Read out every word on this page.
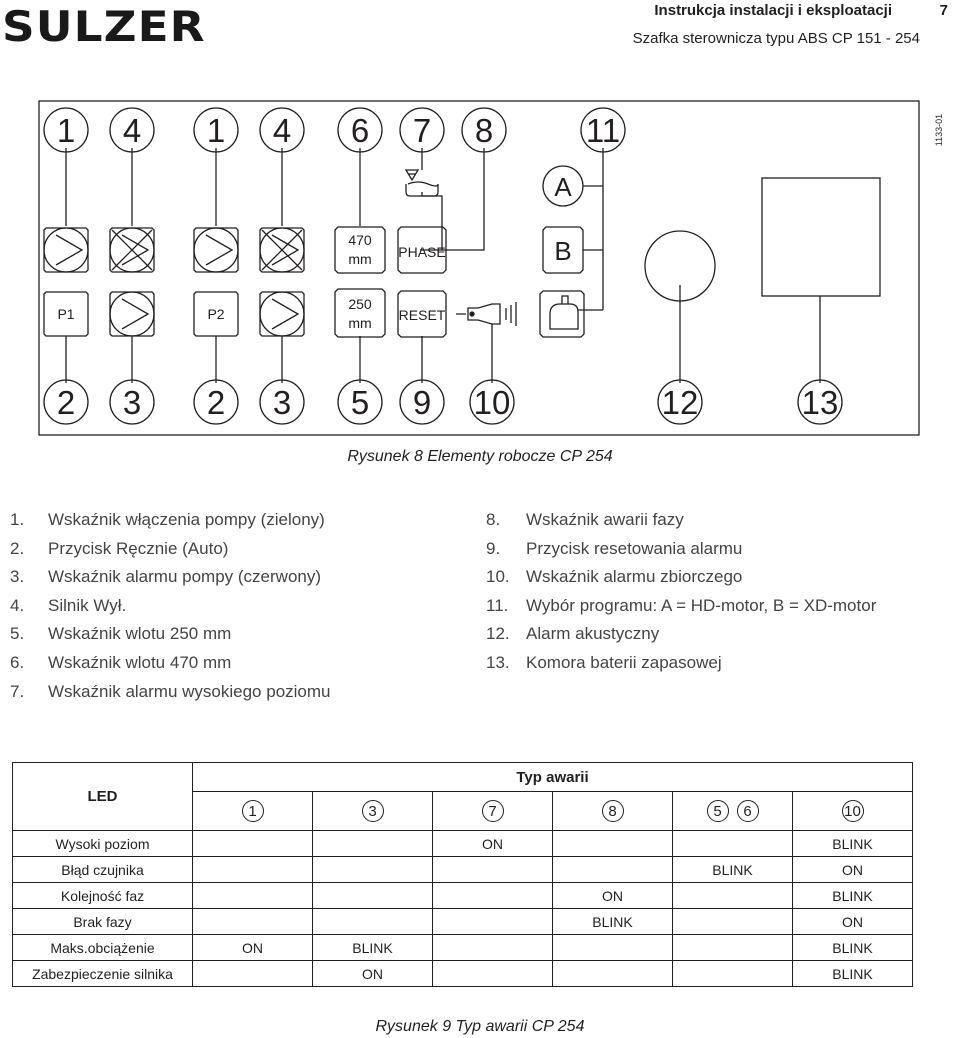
SULZER	Instrukcja instalacji i eksploatacji	7
Szafka sterownicza typu ABS CP 151 - 254
1133-01
1 4 1 4 6 7 8	11
2 3 2 3 5 9 10	12	13
470
mm PHASE
A
B
P1	P2
250
mm RESET
Rysunek 8 Elementy robocze CP 254
1. Wskaźnik włączenia pompy (zielony)
2. Przycisk Ręcznie (Auto)
3. Wskaźnik alarmu pompy (czerwony)
4. Silnik Wył.
5. Wskaźnik wlotu 250 mm
6. Wskaźnik wlotu 470 mm
7. Wskaźnik alarmu wysokiego poziomu
8. Wskaźnik awarii fazy
9. Przycisk resetowania alarmu
10. Wskaźnik alarmu zbiorczego
11. Wybór programu: A = HD-motor, B = XD-motor
12. Alarm akustyczny
13. Komora baterii zapasowej
LED	Typ awarii					
	1	3	7	8	5 6	10
Wysoki poziom			ON			BLINK
Błąd czujnika					BLINK	ON
Kolejność faz				ON		BLINK
Brak fazy				BLINK		ON
Maks.obciążenie	ON	BLINK				BLINK
Zabezpieczenie silnika		ON				BLINK
Rysunek 9 Typ awarii CP 254
